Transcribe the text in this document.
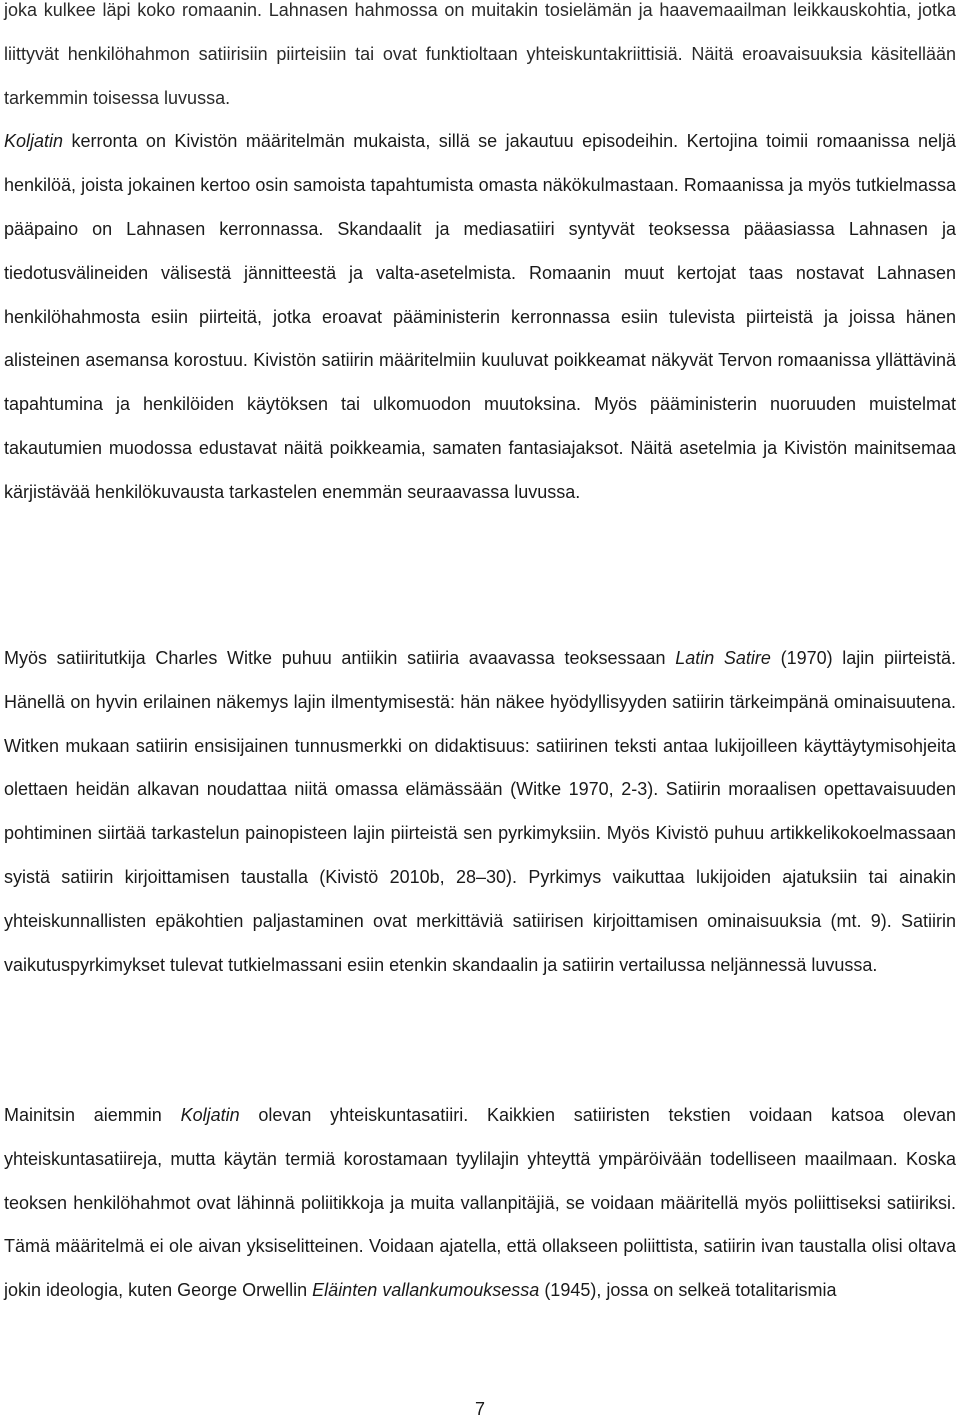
joka kulkee läpi koko romaanin. Lahnasen hahmossa on muitakin tosielämän ja haavemaailman leikkauskohtia, jotka liittyvät henkilöhahmon satiirisiin piirteisiin tai ovat funktioltaan yhteiskuntakriittisiä. Näitä eroavaisuuksia käsitellään tarkemmin toisessa luvussa.
Koljatin kerronta on Kivistön määritelmän mukaista, sillä se jakautuu episodeihin. Kertojina toimii romaanissa neljä henkilöä, joista jokainen kertoo osin samoista tapahtumista omasta näkökulmastaan. Romaanissa ja myös tutkielmassa pääpaino on Lahnasen kerronnassa. Skandaalit ja mediasatiiri syntyvät teoksessa pääasiassa Lahnasen ja tiedotusvälineiden välisestä jännitteestä ja valta-asetelmista. Romaanin muut kertojat taas nostavat Lahnasen henkilöhahmosta esiin piirteitä, jotka eroavat pääministerin kerronnassa esiin tulevista piirteistä ja joissa hänen alisteinen asemansa korostuu. Kivistön satiirin määritelmiin kuuluvat poikkeamat näkyvät Tervon romaanissa yllättävinä tapahtumina ja henkilöiden käytöksen tai ulkomuodon muutoksina. Myös pääministerin nuoruuden muistelmat takautumien muodossa edustavat näitä poikkeamia, samaten fantasiajaksot. Näitä asetelmia ja Kivistön mainitsemaa kärjistävää henkilökuvausta tarkastelen enemmän seuraavassa luvussa.

Myös satiiritutkija Charles Witke puhuu antiikin satiiria avaavassa teoksessaan Latin Satire (1970) lajin piirteistä. Hänellä on hyvin erilainen näkemys lajin ilmentymisestä: hän näkee hyödyllisyyden satiirin tärkeimpänä ominaisuutena. Witken mukaan satiirin ensisijainen tunnusmerkki on didaktisuus: satiirinen teksti antaa lukijoilleen käyttäytymisohjeita olettaen heidän alkavan noudattaa niitä omassa elämässään (Witke 1970, 2-3). Satiirin moraalisen opettavaisuuden pohtiminen siirtää tarkastelun painopisteen lajin piirteistä sen pyrkimyksiin. Myös Kivistö puhuu artikkelikokoelmassaan syistä satiirin kirjoittamisen taustalla (Kivistö 2010b, 28–30). Pyrkimys vaikuttaa lukijoiden ajatuksiin tai ainakin yhteiskunnallisten epäkohtien paljastaminen ovat merkittäviä satiirisen kirjoittamisen ominaisuuksia (mt. 9). Satiirin vaikutuspyrkimykset tulevat tutkielmassani esiin etenkin skandaalin ja satiirin vertailussa neljännessä luvussa.

Mainitsin aiemmin Koljatin olevan yhteiskuntasatiiri. Kaikkien satiiristen tekstien voidaan katsoa olevan yhteiskuntasatiireja, mutta käytän termiä korostamaan tyylilajin yhteyttä ympäröivään todelliseen maailmaan. Koska teoksen henkilöhahmot ovat lähinnä poliitikkoja ja muita vallanpitäjiä, se voidaan määritellä myös poliittiseksi satiiriksi. Tämä määritelmä ei ole aivan yksiselitteinen. Voidaan ajatella, että ollakseen poliittista, satiirin ivan taustalla olisi oltava jokin ideologia, kuten George Orwellin Eläinten vallankumouksessa (1945), jossa on selkeä totalitarismia

7
